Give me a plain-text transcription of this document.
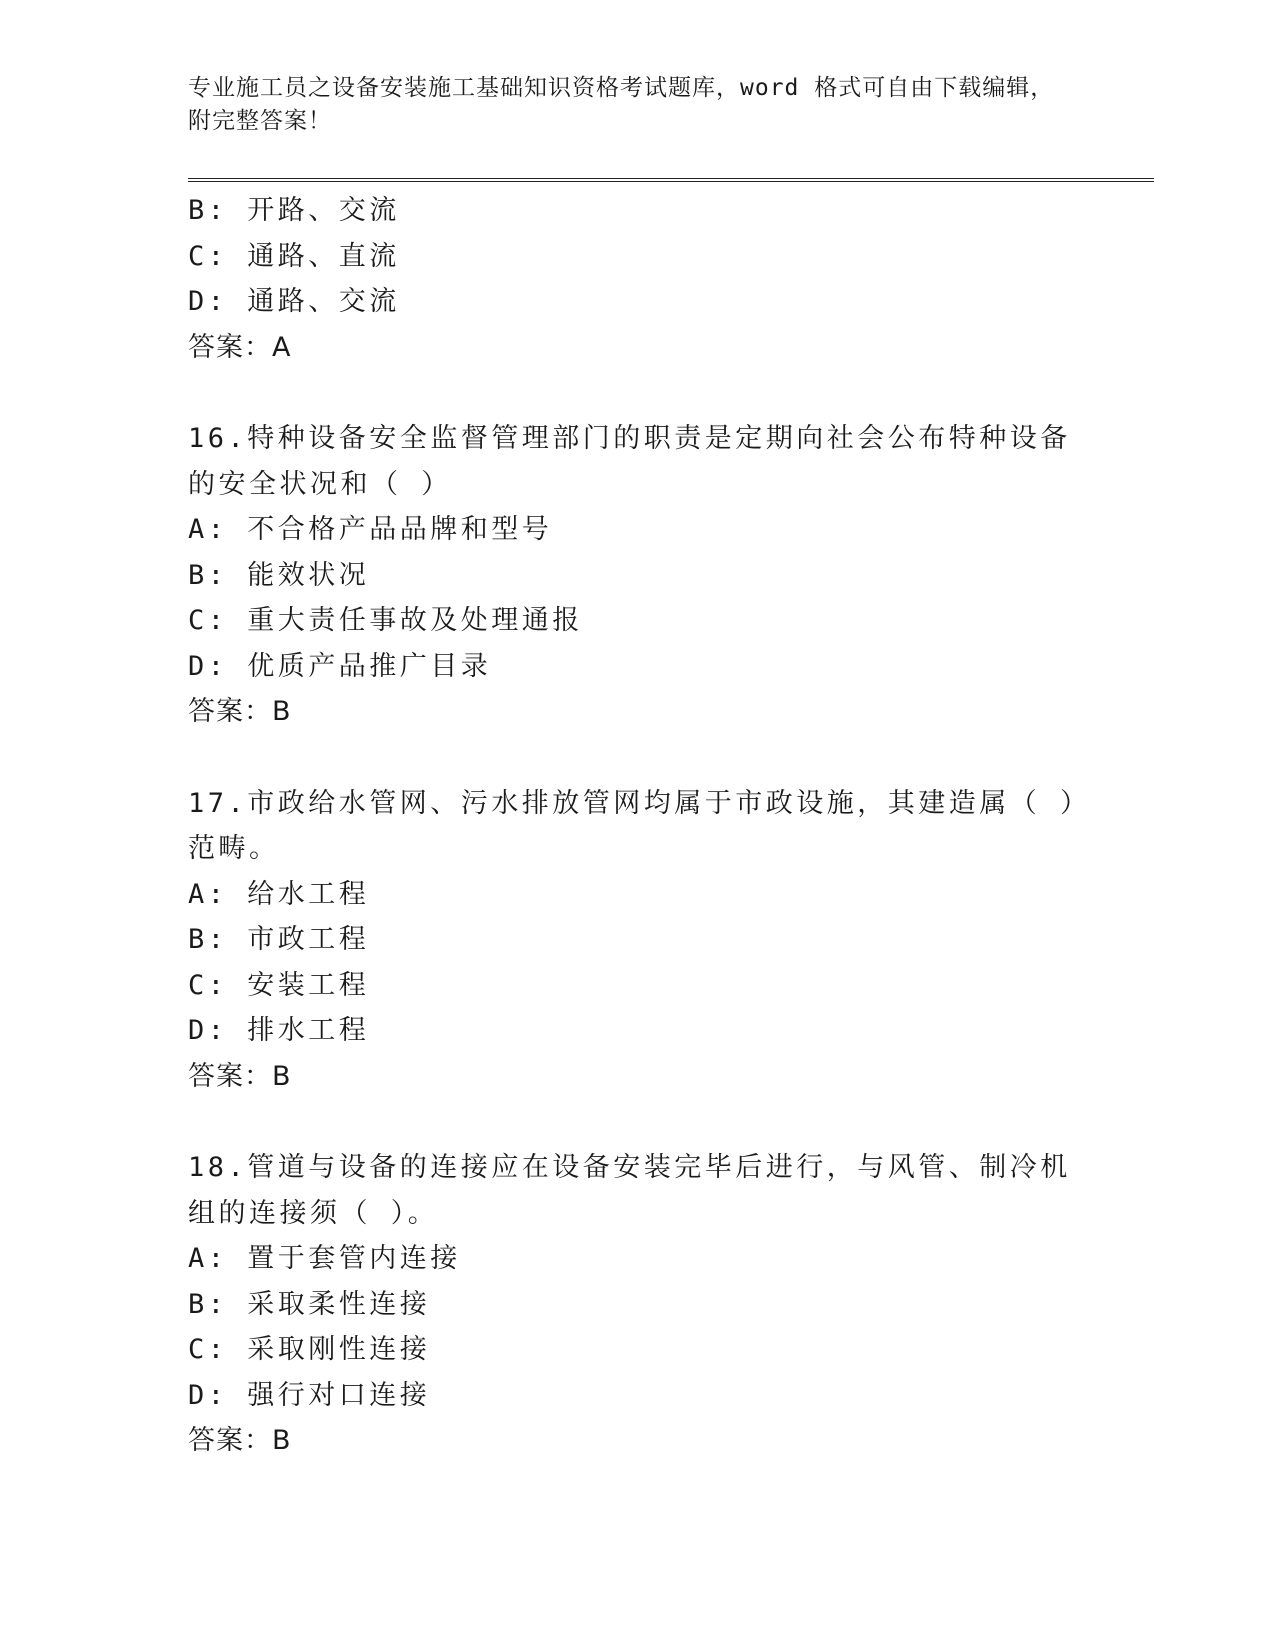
专业施工员之设备安装施工基础知识资格考试题库，word 格式可自由下载编辑，附完整答案！
B: 开路、交流
C: 通路、直流
D: 通路、交流
答案：A
16.特种设备安全监督管理部门的职责是定期向社会公布特种设备的安全状况和（ ）
A: 不合格产品品牌和型号
B: 能效状况
C: 重大责任事故及处理通报
D: 优质产品推广目录
答案：B
17.市政给水管网、污水排放管网均属于市政设施，其建造属（ ）范畴。
A: 给水工程
B: 市政工程
C: 安装工程
D: 排水工程
答案：B
18.管道与设备的连接应在设备安装完毕后进行，与风管、制冷机组的连接须（ ）。
A: 置于套管内连接
B: 采取柔性连接
C: 采取刚性连接
D: 强行对口连接
答案：B
